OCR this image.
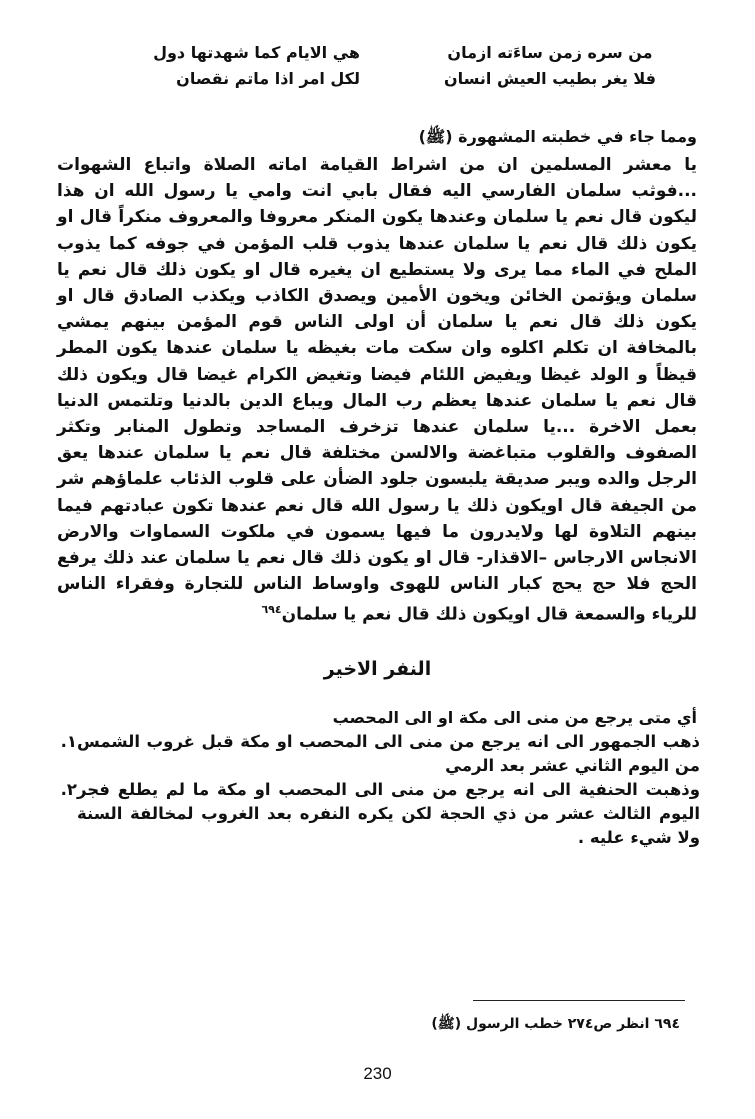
هي الايام كما شهدتها دول	من سره زمن ساءَته ازمان
لكل امر اذا ماتم نقصان	فلا يغر بطيب العيش انسان
ومما جاء في خطبته المشهورة (ﷺ)
يا معشر المسلمين ان من اشراط القيامة اماته الصلاة واتباع الشهوات ...فوثب سلمان الفارسي اليه فقال بابي انت وامي يا رسول الله ان هذا ليكون قال نعم يا سلمان وعندها يكون المنكر معروفا والمعروف منكراً قال او يكون ذلك قال نعم يا سلمان عندها يذوب قلب المؤمن في جوفه كما يذوب الملح في الماء مما يرى ولا يستطيع ان يغيره قال او يكون ذلك قال نعم يا سلمان ويؤتمن الخائن ويخون الأمين ويصدق الكاذب ويكذب الصادق قال او يكون ذلك قال نعم يا سلمان أن اولى الناس قوم المؤمن بينهم يمشي بالمخافة ان تكلم اكلوه وان سكت مات بغيظه يا سلمان عندها يكون المطر قيظاً و الولد غيظا ويفيض اللئام فيضا وتغيض الكرام غيضا قال ويكون ذلك قال نعم يا سلمان عندها يعظم رب المال ويباع الدين بالدنيا وتلتمس الدنيا بعمل الاخرة ...يا سلمان عندها تزخرف المساجد وتطول المنابر وتكثر الصفوف والقلوب متباغضة والالسن مختلفة قال نعم يا سلمان عندها يعق الرجل والده ويبر صديقة يلبسون جلود الضأن على قلوب الذئاب علماؤهم شر من الجيفة قال اويكون ذلك يا رسول الله قال نعم عندها تكون عبادتهم فيما بينهم التلاوة لها ولايدرون ما فيها يسمون في ملكوت السماوات والارض الانجاس الارجاس –الاقذار- قال او يكون ذلك قال نعم يا سلمان عند ذلك يرفع الحج فلا حج يحج كبار الناس للهوى واوساط الناس للتجارة وفقراء الناس للرياء والسمعة قال اويكون ذلك قال نعم يا سلمان$^{٦٩٤}$
النفر الاخير
أي متى يرجع من منى الى مكة او الى المحصب
١. ذهب الجمهور الى انه يرجع من منى الى المحصب او مكة قبل غروب الشمس من اليوم الثاني عشر بعد الرمي
٢. وذهبت الحنفية الى انه يرجع من منى الى المحصب او مكة ما لم يطلع فجر اليوم الثالث عشر من ذي الحجة لكن يكره النفره بعد الغروب لمخالفة السنة ولا شيء عليه .
٦٩٤ انظر ص٢٧٤ خطب الرسول (ﷺ)
230
